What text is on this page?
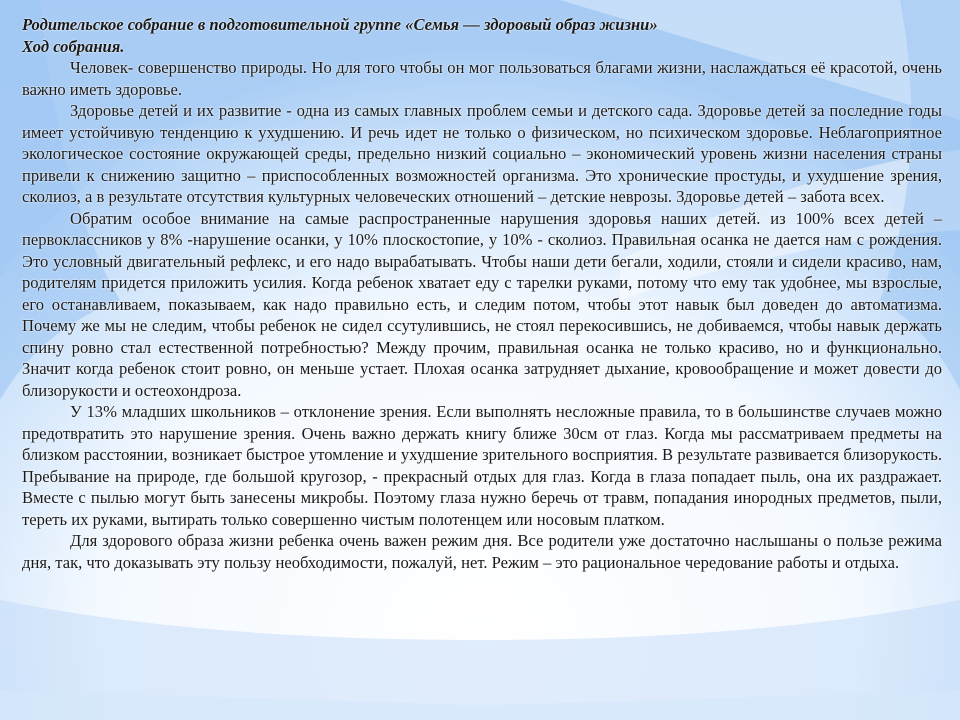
Родительское собрание в подготовительной группе «Семья — здоровый образ жизни»

Ход собрания.

Человек- совершенство природы. Но для того чтобы он мог пользоваться благами жизни, наслаждаться её красотой, очень важно иметь здоровье.

Здоровье детей и их развитие - одна из самых главных проблем семьи и детского сада. Здоровье детей за последние годы имеет устойчивую тенденцию к ухудшению. И речь идет не только о физическом, но психическом здоровье. Неблагоприятное экологическое состояние окружающей среды, предельно низкий социально – экономический уровень жизни населения страны привели к снижению защитно – приспособленных возможностей организма. Это хронические простуды, и ухудшение зрения, сколиоз, а в результате отсутствия культурных человеческих отношений – детские неврозы. Здоровье детей – забота всех.

Обратим особое внимание на самые распространенные нарушения здоровья наших детей. из 100% всех детей – первоклассников у 8% -нарушение осанки, у 10% плоскостопие, у 10% - сколиоз. Правильная осанка не дается нам с рождения. Это условный двигательный рефлекс, и его надо вырабатывать. Чтобы наши дети бегали, ходили, стояли и сидели красиво, нам, родителям придется приложить усилия. Когда ребенок хватает еду с тарелки руками, потому что ему так удобнее, мы взрослые, его останавливаем, показываем, как надо правильно есть, и следим потом, чтобы этот навык был доведен до автоматизма. Почему же мы не следим, чтобы ребенок не сидел ссутулившись, не стоял перекосившись, не добиваемся, чтобы навык держать спину ровно стал естественной потребностью? Между прочим, правильная осанка не только красиво, но и функционально. Значит когда ребенок стоит ровно, он меньше устает. Плохая осанка затрудняет дыхание, кровообращение и может довести до близорукости и остеохондроза.

У 13% младших школьников – отклонение зрения. Если выполнять несложные правила, то в большинстве случаев можно предотвратить это нарушение зрения. Очень важно держать книгу ближе 30см от глаз. Когда мы рассматриваем предметы на близком расстоянии, возникает быстрое утомление и ухудшение зрительного восприятия. В результате развивается близорукость. Пребывание на природе, где большой кругозор, - прекрасный отдых для глаз. Когда в глаза попадает пыль, она их раздражает. Вместе с пылью могут быть занесены микробы. Поэтому глаза нужно беречь от травм, попадания инородных предметов, пыли, тереть их руками, вытирать только совершенно чистым полотенцем или носовым платком.

Для здорового образа жизни ребенка очень важен режим дня. Все родители уже достаточно наслышаны о пользе режима дня, так, что доказывать эту пользу необходимости, пожалуй, нет. Режим – это рациональное чередование работы и отдыха.
